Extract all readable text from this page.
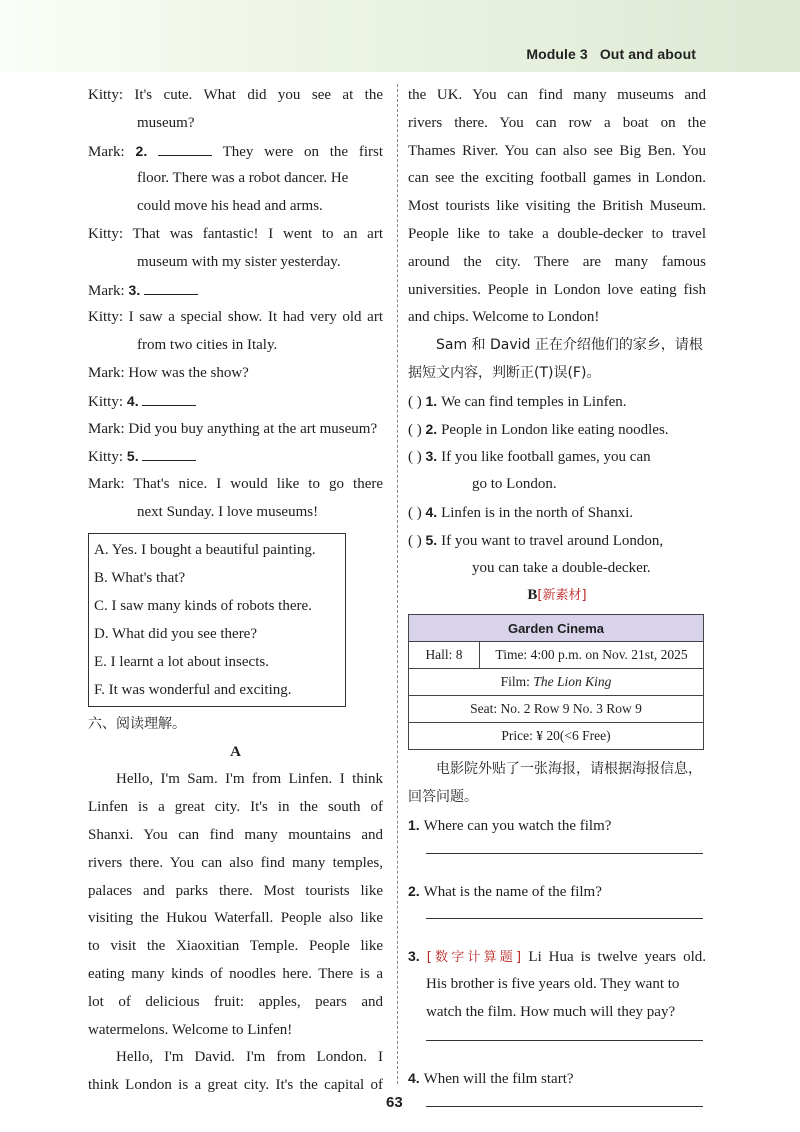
Module 3 Out and about
Kitty: It's cute. What did you see at the
museum?
Mark: 2.	They were on the first
floor. There was a robot dancer. He
could move his head and arms.
Kitty: That was fantastic! I went to an art
museum with my sister yesterday.
Mark: 3.
Kitty: I saw a special show. It had very old art
from two cities in Italy.
Mark: How was the show?
Kitty: 4.
Mark: Did you buy anything at the art museum?
Kitty: 5.
Mark: That's nice. I would like to go there
next Sunday. I love museums!
A. Yes. I bought a beautiful painting.
B. What's that?
C. I saw many kinds of robots there.
D. What did you see there?
E. I learnt a lot about insects.
F. It was wonderful and exciting.
六、阅读理解。
A
Hello, I'm Sam. I'm from Linfen. I think
Linfen is a great city. It's in the south of
Shanxi. You can find many mountains and
rivers there. You can also find many temples,
palaces and parks there. Most tourists like
visiting the Hukou Waterfall. People also like
to visit the Xiaoxitian Temple. People like
eating many kinds of noodles here. There is a
lot of delicious fruit: apples, pears and
watermelons. Welcome to Linfen!
Hello, I'm David. I'm from London. I
think London is a great city. It's the capital of
the UK. You can find many museums and
rivers there. You can row a boat on the
Thames River. You can also see Big Ben. You
can see the exciting football games in London.
Most tourists like visiting the British Museum.
People like to take a double-decker to travel
around the city. There are many famous
universities. People in London love eating fish
and chips. Welcome to London!
Sam 和 David 正在介绍他们的家乡，请根
据短文内容，判断正(T)误(F)。
( ) 1. We can find temples in Linfen.
( ) 2. People in London like eating noodles.
( ) 3. If you like football games, you can
go to London.
( ) 4. Linfen is in the north of Shanxi.
( ) 5. If you want to travel around London,
you can take a double-decker.
B[新素材]
Garden Cinema
Hall: 8	Time: 4:00 p.m. on Nov. 21st, 2025
Film: The Lion King
Seat: No. 2 Row 9 No. 3 Row 9
Price: ¥ 20(<6 Free)
电影院外贴了一张海报，请根据海报信息，
回答问题。
1. Where can you watch the film?
2. What is the name of the film?
3. [数字计算题] Li Hua is twelve years old.
His brother is five years old. They want to
watch the film. How much will they pay?
4. When will the film start?
63
